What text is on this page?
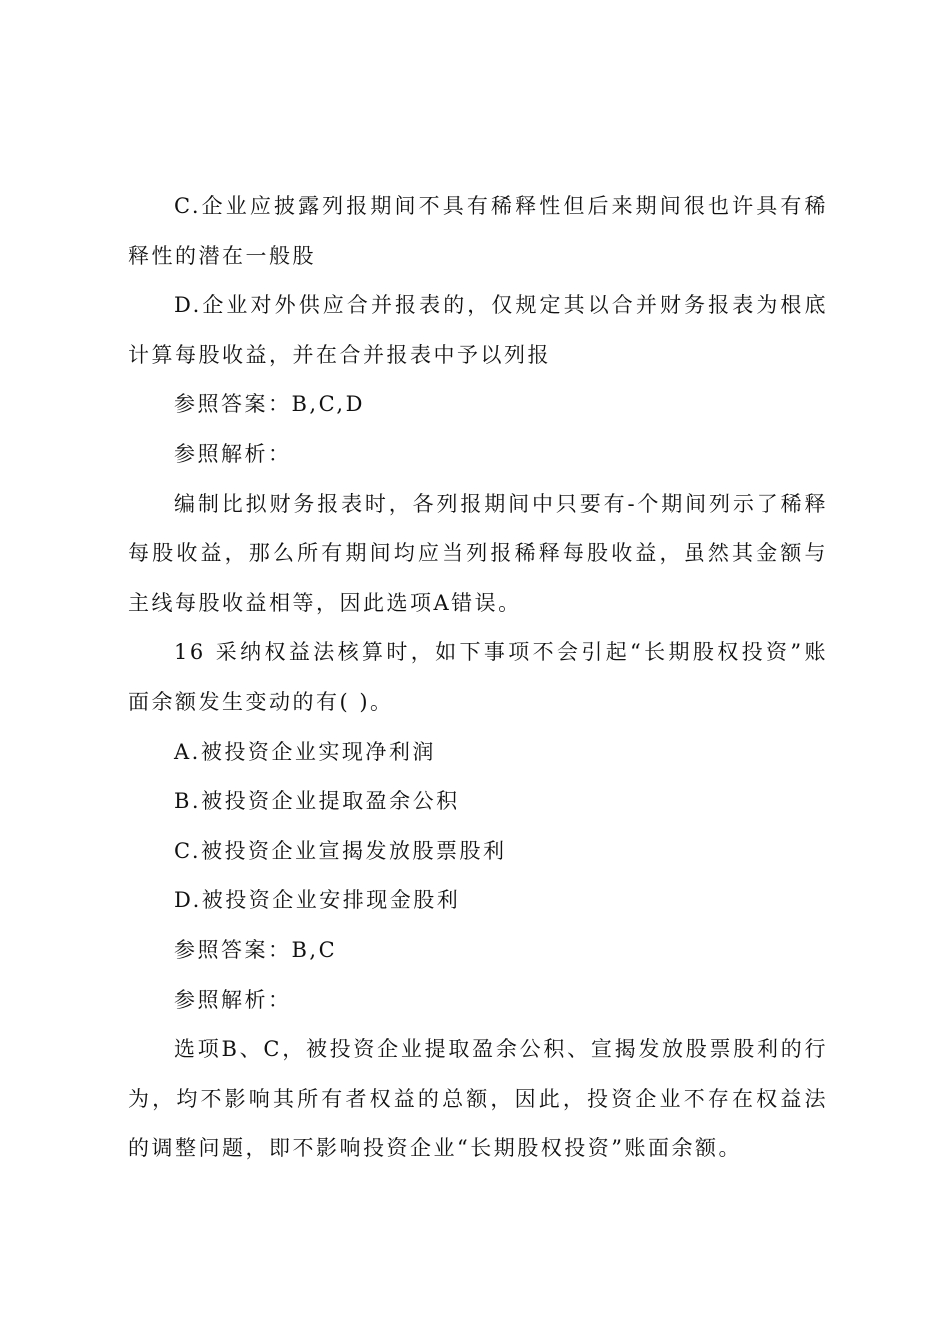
C.企业应披露列报期间不具有稀释性但后来期间很也许具有稀释性的潜在一般股

D.企业对外供应合并报表的，仅规定其以合并财务报表为根底计算每股收益，并在合并报表中予以列报

参照答案：B,C,D

参照解析：

编制比拟财务报表时，各列报期间中只要有-个期间列示了稀释每股收益，那么所有期间均应当列报稀释每股收益，虽然其金额与主线每股收益相等，因此选项A错误。

16 采纳权益法核算时，如下事项不会引起“长期股权投资”账面余额发生变动的有( )。

A.被投资企业实现净利润

B.被投资企业提取盈余公积

C.被投资企业宣揭发放股票股利

D.被投资企业安排现金股利

参照答案：B,C

参照解析：

选项B、C，被投资企业提取盈余公积、宣揭发放股票股利的行为，均不影响其所有者权益的总额，因此，投资企业不存在权益法的调整问题，即不影响投资企业“长期股权投资”账面余额。
